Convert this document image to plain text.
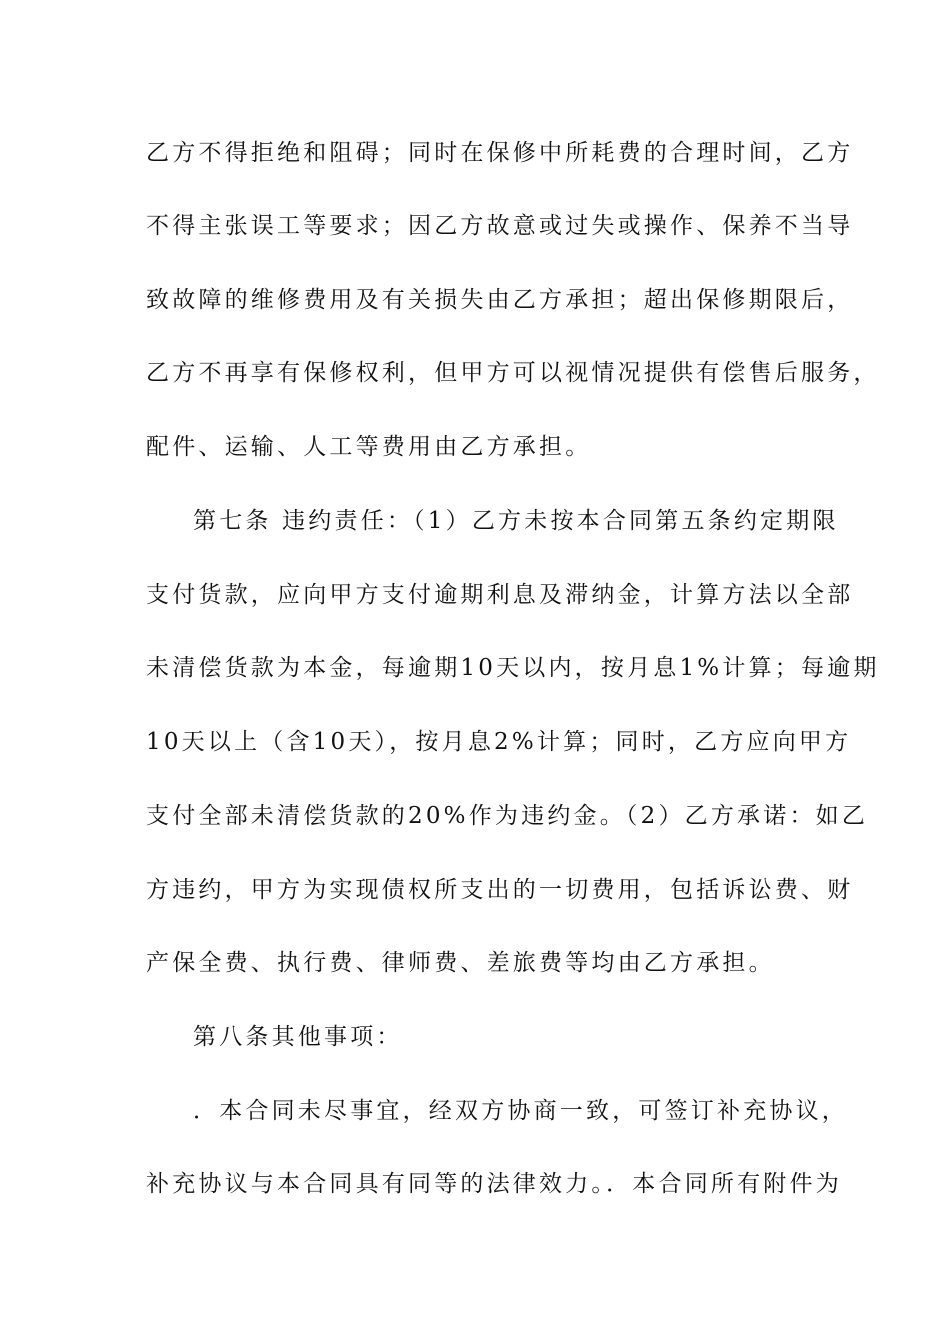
乙方不得拒绝和阻碍；同时在保修中所耗费的合理时间，乙方
不得主张误工等要求；因乙方故意或过失或操作、保养不当导
致故障的维修费用及有关损失由乙方承担；超出保修期限后，
乙方不再享有保修权利，但甲方可以视情况提供有偿售后服务，
配件、运输、人工等费用由乙方承担。
第七条 违约责任：（1）乙方未按本合同第五条约定期限
支付货款，应向甲方支付逾期利息及滞纳金，计算方法以全部
未清偿货款为本金，每逾期10天以内，按月息1%计算；每逾期
10天以上（含10天），按月息2%计算；同时，乙方应向甲方
支付全部未清偿货款的20%作为违约金。（2）乙方承诺：如乙
方违约，甲方为实现债权所支出的一切费用，包括诉讼费、财
产保全费、执行费、律师费、差旅费等均由乙方承担。
第八条其他事项：
．本合同未尽事宜，经双方协商一致，可签订补充协议，
补充协议与本合同具有同等的法律效力。．本合同所有附件为
